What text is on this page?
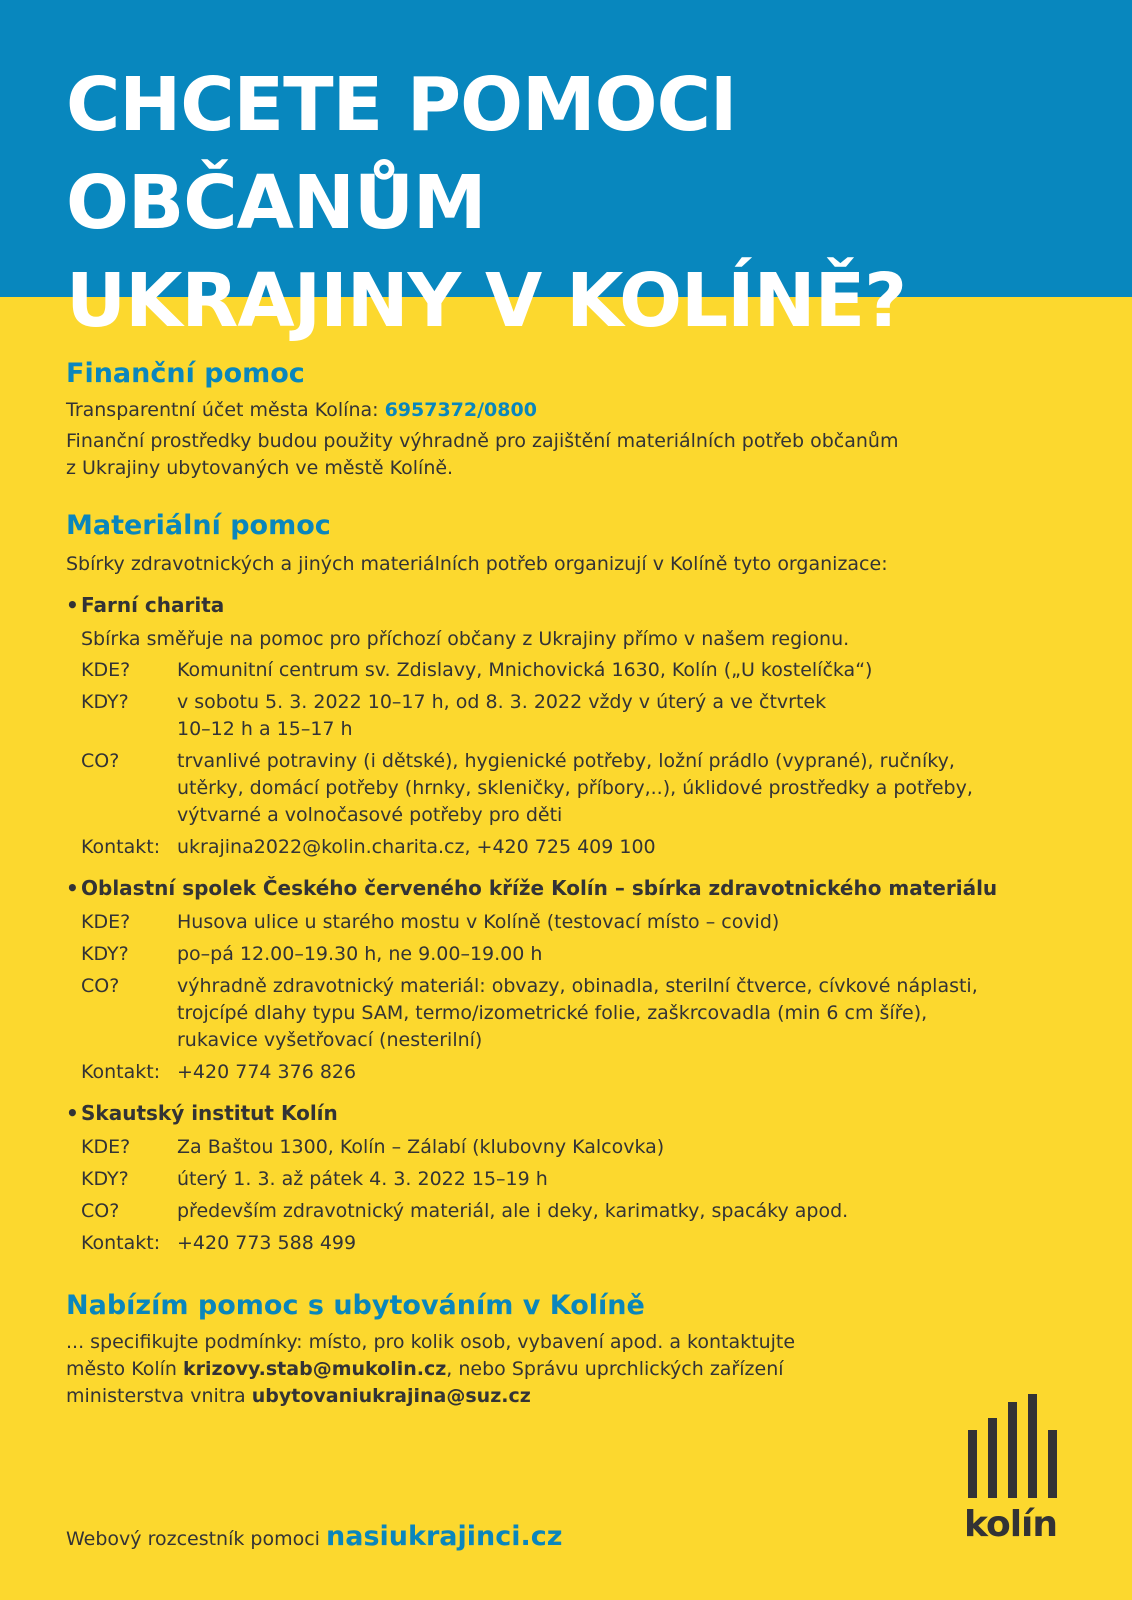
CHCETE POMOCI OBČANŮM
UKRAJINY V KOLÍNĚ?
Finanční pomoc

Transparentní účet města Kolína: 6957372/0800

Finanční prostředky budou použity výhradně pro zajištění materiálních potřeb občanům
z Ukrajiny ubytovaných ve městě Kolíně.

Materiální pomoc

Sbírky zdravotnických a jiných materiálních potřeb organizují v Kolíně tyto organizace:

• Farní charita

Sbírka směřuje na pomoc pro příchozí občany z Ukrajiny přímo v našem regionu.

KDE?	Komunitní centrum sv. Zdislavy, Mnichovická 1630, Kolín („U kostelíčka“)
KDY?	v sobotu 5. 3. 2022 10–17 h, od 8. 3. 2022 vždy v úterý a ve čtvrtek
10–12 h a 15–17 h
CO?	trvanlivé potraviny (i dětské), hygienické potřeby, ložní prádlo (vyprané), ručníky,
utěrky, domácí potřeby (hrnky, skleničky, příbory,..), úklidové prostředky a potřeby,
výtvarné a volnočasové potřeby pro děti
Kontakt: ukrajina2022@kolin.charita.cz, +420 725 409 100

• Oblastní spolek Českého červeného kříže Kolín – sbírka zdravotnického materiálu

KDE?	Husova ulice u starého mostu v Kolíně (testovací místo – covid)
KDY?	po–pá 12.00–19.30 h, ne 9.00–19.00 h
CO?	výhradně zdravotnický materiál: obvazy, obinadla, sterilní čtverce, cívkové náplasti,
trojcípé dlahy typu SAM, termo/izometrické folie, zaškrcovadla (min 6 cm šíře),
rukavice vyšetřovací (nesterilní)
Kontakt: +420 774 376 826

• Skautský institut Kolín

KDE?	Za Baštou 1300, Kolín – Zálabí (klubovny Kalcovka)
KDY?	úterý 1. 3. až pátek 4. 3. 2022 15–19 h
CO?	především zdravotnický materiál, ale i deky, karimatky, spacáky apod.
Kontakt: +420 773 588 499
Nabízím pomoc s ubytováním v Kolíně

... specifikujte podmínky: místo, pro kolik osob, vybavení apod. a kontaktujte
město Kolín krizovy.stab@mukolin.cz, nebo Správu uprchlických zařízení
ministerstva vnitra ubytovaniukrajina@suz.cz

Webový rozcestník pomoci nasiukrajinci.cz	kolín
